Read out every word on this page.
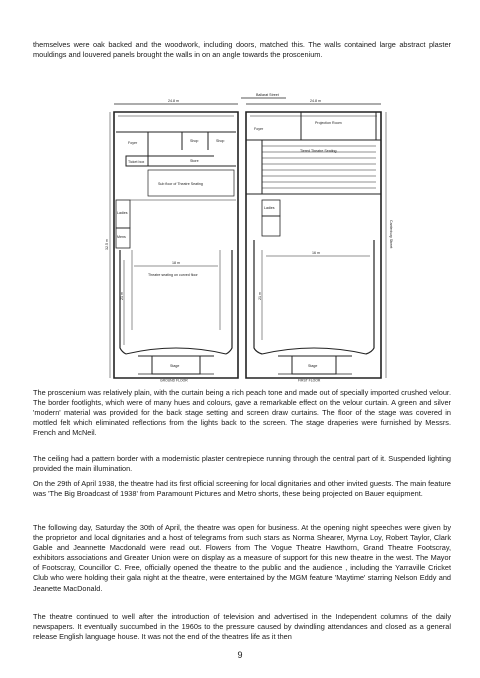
themselves were oak backed and the woodwork, including doors, matched this. The walls contained large abstract plaster mouldings and louvered panels brought the walls in on an angle towards the proscenium.

Ballarat Street
24.8 m	24.8 m
Projection Room
Foyer	Shop	Shop
Store
Ticket box
Sub floor of Theatre Seating
Foyer
Tiered Theatre Seating
Ladies
Mens
Ladies
18 m
Theatre seating on curved floor
16 m
Stage	Stage
GROUND FLOOR	FIRST FLOOR
32.5 m
21 m	21 m
Canterbury Street

The proscenium was relatively plain, with the curtain being a rich peach tone and made out of specially imported crushed velour. The border footlights, which were of many hues and colours, gave a remarkable effect on the velour curtain. A green and silver 'modern' material was provided for the back stage setting and screen draw curtains. The floor of the stage was covered in mottled felt which eliminated reflections from the lights back to the screen. The stage draperies were furnished by Messrs. French and McNeil.

The ceiling had a pattern border with a modernistic plaster centrepiece running through the central part of it. Suspended lighting provided the main illumination.

On the 29th of April 1938, the theatre had its first official screening for local dignitaries and other invited guests. The main feature was 'The Big Broadcast of 1938' from Paramount Pictures and Metro shorts, these being projected on Bauer equipment.

The following day, Saturday the 30th of April, the theatre was open for business. At the opening night speeches were given by the proprietor and local dignitaries and a host of telegrams from such stars as Norma Shearer, Myrna Loy, Robert Taylor, Clark Gable and Jeannette Macdonald were read out. Flowers from The Vogue Theatre Hawthorn, Grand Theatre Footscray, exhibitors associations and Greater Union were on display as a measure of support for this new theatre in the west. The Mayor of Footscray, Councillor C. Free, officially opened the theatre to the public and the audience , including the Yarraville Cricket Club who were holding their gala night at the theatre, were entertained by the MGM feature 'Maytime' starring Nelson Eddy and Jeanette MacDonald.

The theatre continued to well after the introduction of television and advertised in the Independent columns of the daily newspapers. It eventually succumbed in the 1960s to the pressure caused by dwindling attendances and closed as a general release English language house. It was not the end of the theatres life as it then

9
